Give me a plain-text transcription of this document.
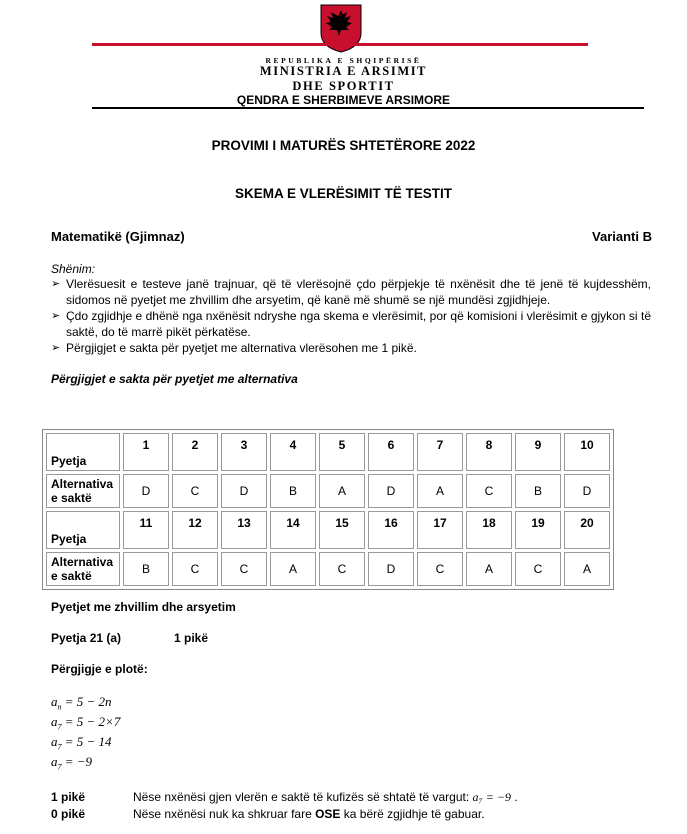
REPUBLIKA E SHQIPËRISË
MINISTRIA E ARSIMIT
DHE SPORTIT
QENDRA E SHERBIMEVE ARSIMORE
PROVIMI I MATURËS SHTETËRORE 2022
SKEMA E VLERËSIMIT TË TESTIT
Matematikë (Gjimnaz)	Varianti B
Shënim:
➢ Vlerësuesit e testeve janë trajnuar, që të vlerësojnë çdo përpjekje të nxënësit dhe të jenë të kujdesshëm, sidomos në pyetjet me zhvillim dhe arsyetim, që kanë më shumë se një mundësi zgjidhjeje.
➢ Çdo zgjidhje e dhënë nga nxënësit ndryshe nga skema e vlerësimit, por që komisioni i vlerësimit e gjykon si të saktë, do të marrë pikët përkatëse.
➢ Përgjigjet e sakta për pyetjet me alternativa vlerësohen me 1 pikë.
Përgjigjet e sakta për pyetjet me alternativa
Pyetja	1	2	3	4	5	6	7	8	9	10
Alternativa
e saktë	D	C	D	B	A	D	A	C	B	D
Pyetja	11	12	13	14	15	16	17	18	19	20
Alternativa
e saktë	B	C	C	A	C	D	C	A	C	A
Pyetjet me zhvillim dhe arsyetim
Pyetja 21 (a)	1 pikë
Përgjigje e plotë:
$a_n = 5 - 2n$
$a_7 = 5 - 2\times 7$
$a_7 = 5 - 14$
$a_7 = -9$
1 pikë	Nëse nxënësi gjen vlerën e saktë të kufizës së shtatë të vargut: a₇ = −9 .
0 pikë	Nëse nxënësi nuk ka shkruar fare OSE ka bërë zgjidhje të gabuar.
